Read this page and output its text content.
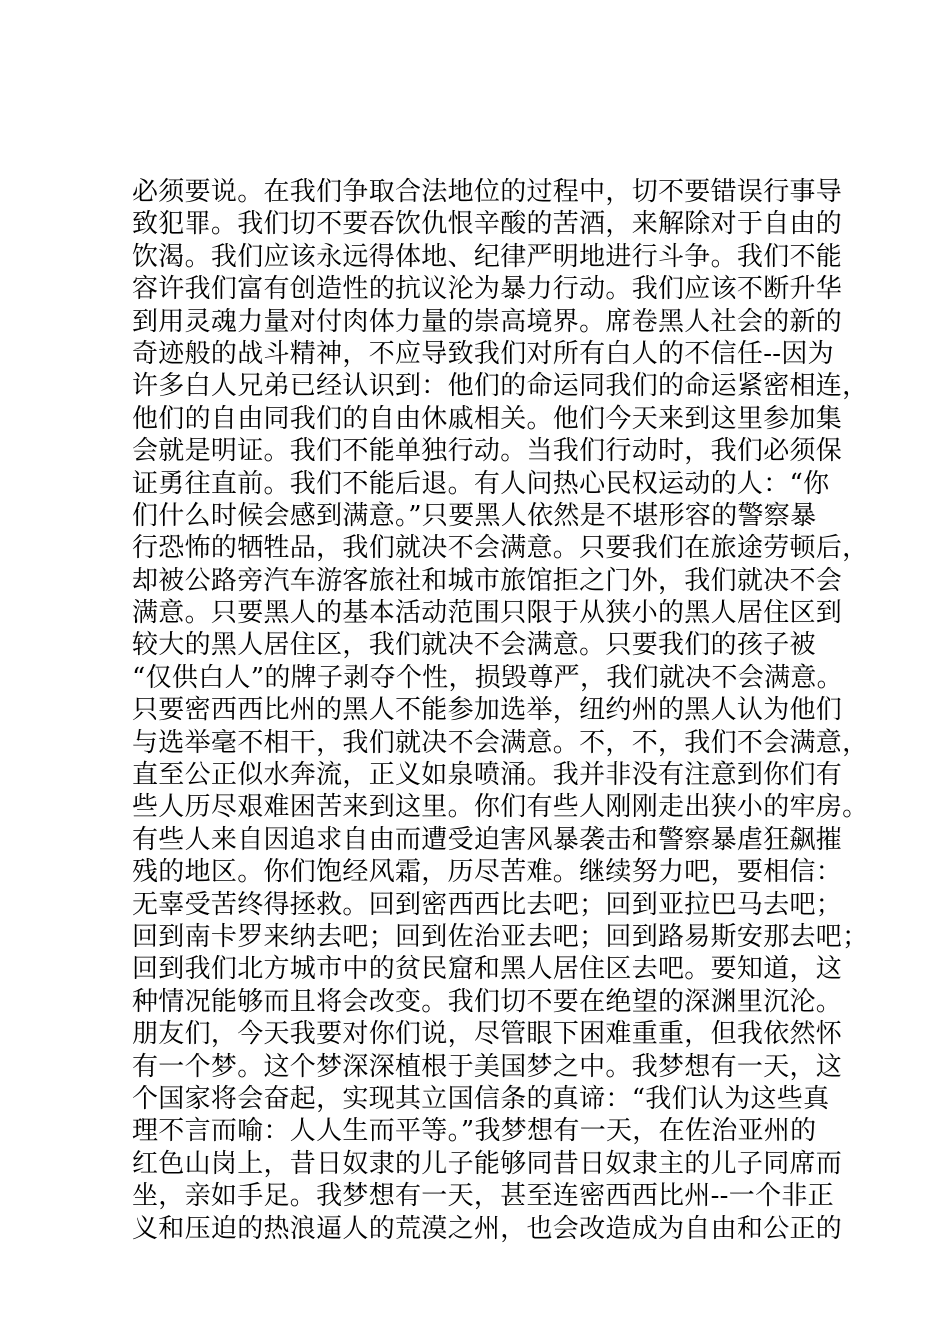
必须要说。在我们争取合法地位的过程中，切不要错误行事导
致犯罪。我们切不要吞饮仇恨辛酸的苦酒，来解除对于自由的
饮渴。我们应该永远得体地、纪律严明地进行斗争。我们不能
容许我们富有创造性的抗议沦为暴力行动。我们应该不断升华
到用灵魂力量对付肉体力量的崇高境界。席卷黑人社会的新的
奇迹般的战斗精神，不应导致我们对所有白人的不信任--因为
许多白人兄弟已经认识到：他们的命运同我们的命运紧密相连，
他们的自由同我们的自由休戚相关。他们今天来到这里参加集
会就是明证。我们不能单独行动。当我们行动时，我们必须保
证勇往直前。我们不能后退。有人问热心民权运动的人：“你
们什么时候会感到满意。”只要黑人依然是不堪形容的警察暴
行恐怖的牺牲品，我们就决不会满意。只要我们在旅途劳顿后，
却被公路旁汽车游客旅社和城市旅馆拒之门外，我们就决不会
满意。只要黑人的基本活动范围只限于从狭小的黑人居住区到
较大的黑人居住区，我们就决不会满意。只要我们的孩子被
“仅供白人”的牌子剥夺个性，损毁尊严，我们就决不会满意。
只要密西西比州的黑人不能参加选举，纽约州的黑人认为他们
与选举毫不相干，我们就决不会满意。不，不，我们不会满意，
直至公正似水奔流，正义如泉喷涌。我并非没有注意到你们有
些人历尽艰难困苦来到这里。你们有些人刚刚走出狭小的牢房。
有些人来自因追求自由而遭受迫害风暴袭击和警察暴虐狂飙摧
残的地区。你们饱经风霜，历尽苦难。继续努力吧，要相信：
无辜受苦终得拯救。回到密西西比去吧；回到亚拉巴马去吧；
回到南卡罗来纳去吧；回到佐治亚去吧；回到路易斯安那去吧；
回到我们北方城市中的贫民窟和黑人居住区去吧。要知道，这
种情况能够而且将会改变。我们切不要在绝望的深渊里沉沦。
朋友们，今天我要对你们说，尽管眼下困难重重，但我依然怀
有一个梦。这个梦深深植根于美国梦之中。我梦想有一天，这
个国家将会奋起，实现其立国信条的真谛：“我们认为这些真
理不言而喻：人人生而平等。”我梦想有一天，在佐治亚州的
红色山岗上，昔日奴隶的儿子能够同昔日奴隶主的儿子同席而
坐，亲如手足。我梦想有一天，甚至连密西西比州--一个非正
义和压迫的热浪逼人的荒漠之州，也会改造成为自由和公正的
